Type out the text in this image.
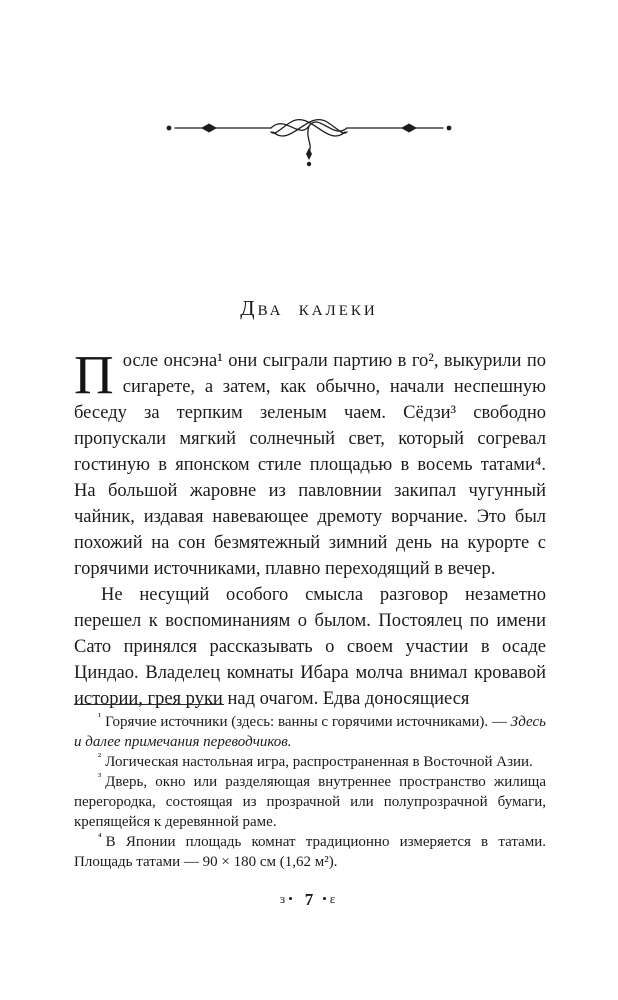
Два калеки

После онсэна¹ они сыграли партию в го², выкурили по сигарете, а затем, как обычно, начали неспешную беседу за терпким зеленым чаем. Сёдзи³ свободно пропускали мягкий солнечный свет, который согревал гостиную в японском стиле площадью в восемь татами⁴. На большой жаровне из павловнии закипал чугунный чайник, издавая навевающее дремоту ворчание. Это был похожий на сон безмятежный зимний день на курорте с горячими источниками, плавно переходящий в вечер.

Не несущий особого смысла разговор незаметно перешел к воспоминаниям о былом. Постоялец по имени Сато принялся рассказывать о своем участии в осаде Циндао. Владелец комнаты Ибара молча внимал кровавой истории, грея руки над очагом. Едва доносящиеся

$^{^1}$ Горячие источники (здесь: ванны с горячими источниками). — Здесь и далее примечания переводчиков.

$^{^2}$ Логическая настольная игра, распространенная в Восточной Азии.

$^{^3}$ Дверь, окно или разделяющая внутреннее пространство жилища перегородка, состоящая из прозрачной или полупрозрачной бумаги, крепящейся к деревянной раме.

$^{^4}$ В Японии площадь комнат традиционно измеряется в татами. Площадь татами — 90 × 180 см (1,62 м²).

ɜ• 7 •ɛ
